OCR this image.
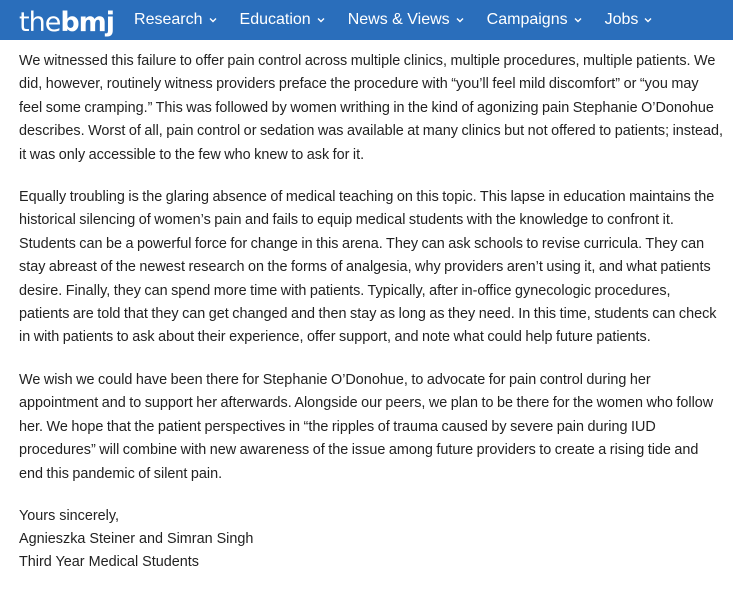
the bmj Research Education News & Views Campaigns Jobs

We witnessed this failure to offer pain control across multiple clinics, multiple procedures, multiple patients. We did, however, routinely witness providers preface the procedure with “you’ll feel mild discomfort” or “you may feel some cramping.” This was followed by women writhing in the kind of agonizing pain Stephanie O’Donohue describes. Worst of all, pain control or sedation was available at many clinics but not offered to patients; instead, it was only accessible to the few who knew to ask for it.

Equally troubling is the glaring absence of medical teaching on this topic. This lapse in education maintains the historical silencing of women’s pain and fails to equip medical students with the knowledge to confront it. Students can be a powerful force for change in this arena. They can ask schools to revise curricula. They can stay abreast of the newest research on the forms of analgesia, why providers aren’t using it, and what patients desire. Finally, they can spend more time with patients. Typically, after in-office gynecologic procedures, patients are told that they can get changed and then stay as long as they need. In this time, students can check in with patients to ask about their experience, offer support, and note what could help future patients.

We wish we could have been there for Stephanie O’Donohue, to advocate for pain control during her appointment and to support her afterwards. Alongside our peers, we plan to be there for the women who follow her. We hope that the patient perspectives in “the ripples of trauma caused by severe pain during IUD procedures” will combine with new awareness of the issue among future providers to create a rising tide and end this pandemic of silent pain.

Yours sincerely,
Agnieszka Steiner and Simran Singh
Third Year Medical Students
